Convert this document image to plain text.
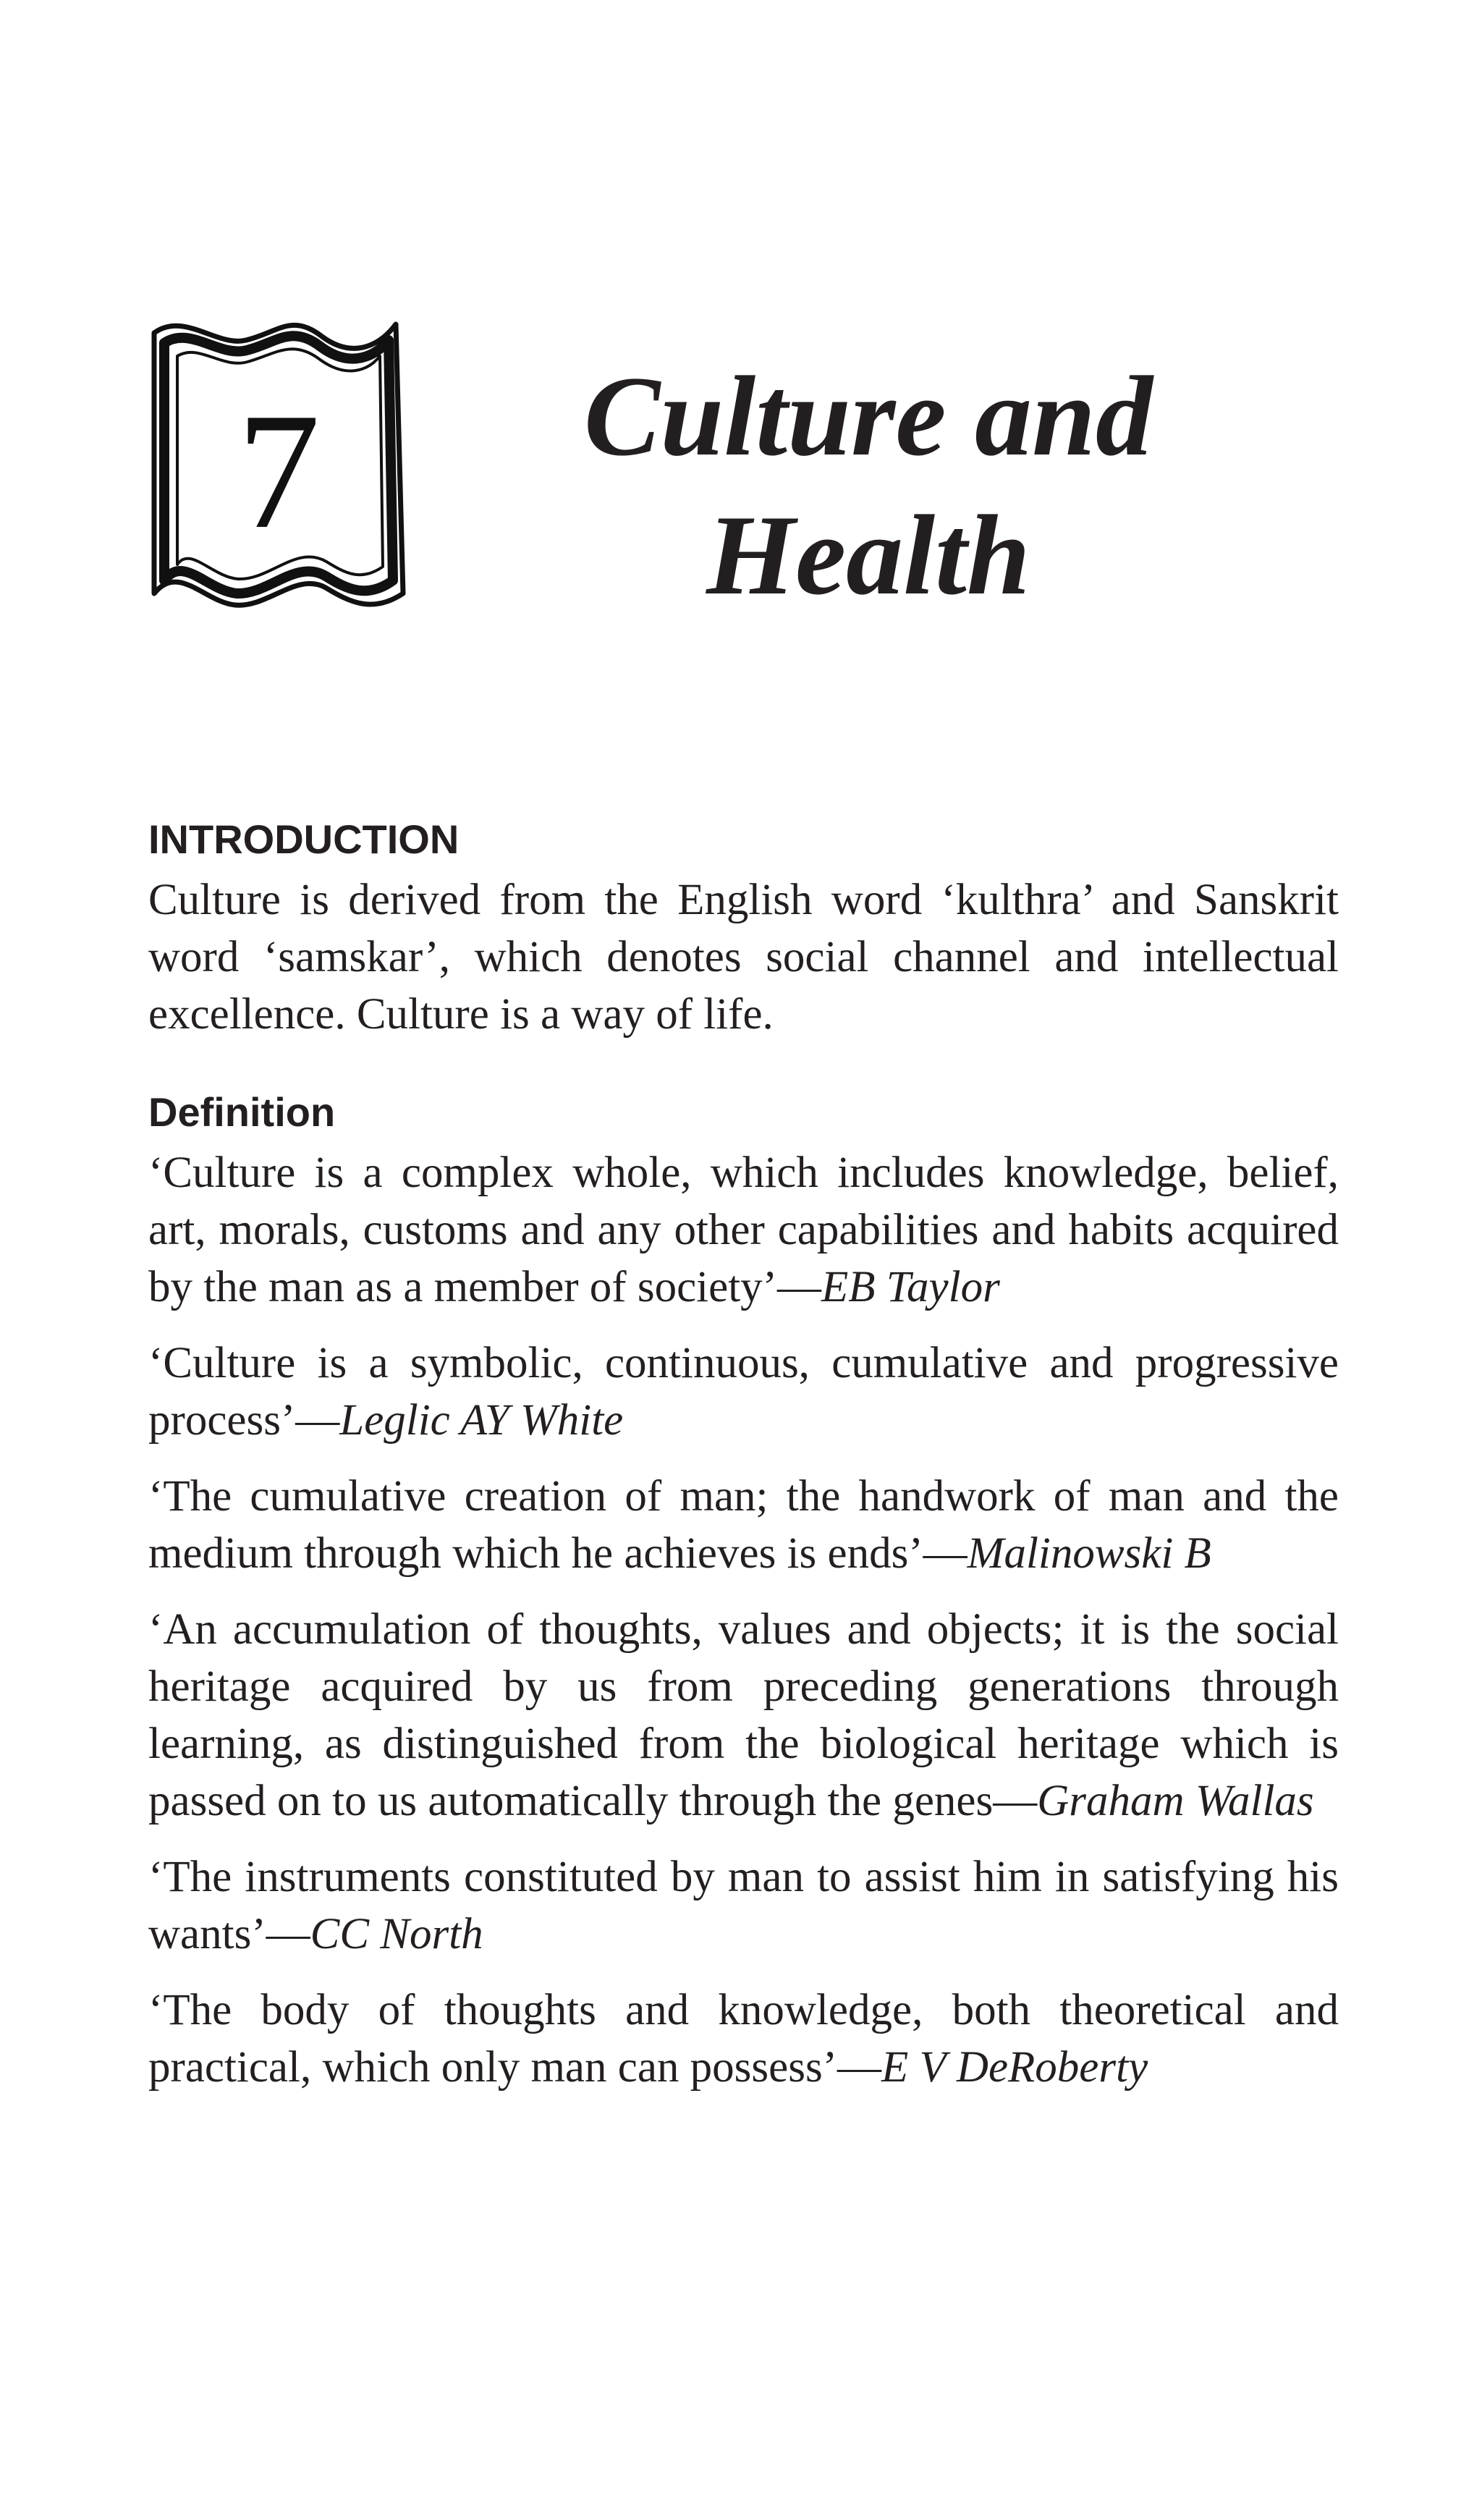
7	Culture and
Health
INTRODUCTION

Culture is derived from the English word ‘kulthra’ and Sanskrit word ‘samskar’, which denotes social channel and intellectual excellence. Culture is a way of life.

Definition

‘Culture is a complex whole, which includes knowledge, belief, art, morals, customs and any other capabilities and habits acquired by the man as a member of society’—EB Taylor

‘Culture is a symbolic, continuous, cumulative and progressive process’—Leglic AY White

‘The cumulative creation of man; the handwork of man and the medium through which he achieves is ends’—Malinowski B

‘An accumulation of thoughts, values and objects; it is the social heritage acquired by us from preceding generations through learning, as distinguished from the biological heritage which is passed on to us automatically through the genes—Graham Wallas

‘The instruments constituted by man to assist him in satisfying his wants’—CC North

‘The body of thoughts and knowledge, both theoretical and practical, which only man can possess’—E V DeRoberty
